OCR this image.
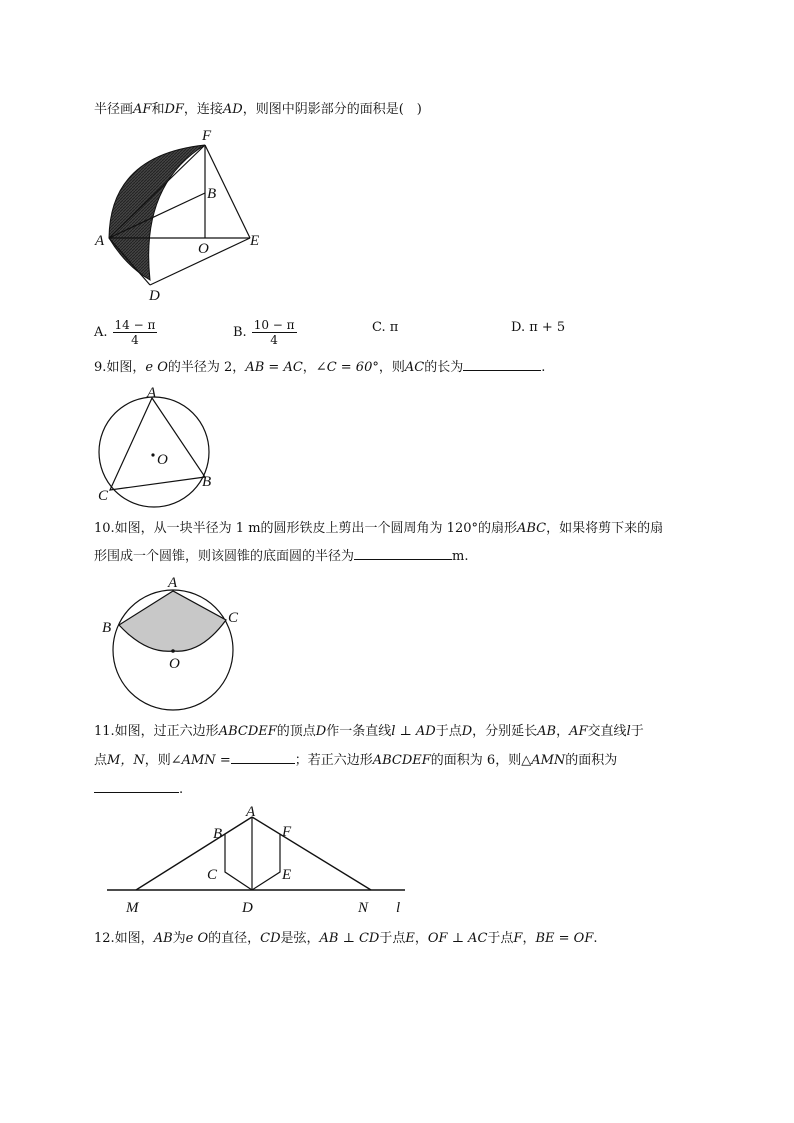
半径画AF和DF，连接AD，则图中阴影部分的面积是(　)
F
B
A	O	E
D
A. $\frac{14 - \pi}{4}$	B. $\frac{10 - \pi}{4}$	C.
π	D.
π + 5
9.如图，e O的半径为 2，AB = AC，∠C = 60°，则AC的长为	.
A
O
C
B
10.如图，从一块半径为 1 m的圆形铁皮上剪出一个圆周角为 120°的扇形ABC，如果将剪下来的扇
形围成一个圆锥，则该圆锥的底面圆的半径为	m.
A
B
C
O
11.如图，过正六边形ABCDEF的顶点D作一条直线l ⊥ AD于点D，分别延长AB，AF交直线l于
点M，N，则∠AMN =	；若正六边形ABCDEF的面积为 6，则△AMN的面积为
.
A
B	F
C	E
M	D	N l
12.如图，AB为e O的直径，CD是弦，AB ⊥ CD于点E，OF ⊥ AC于点F，BE = OF.
